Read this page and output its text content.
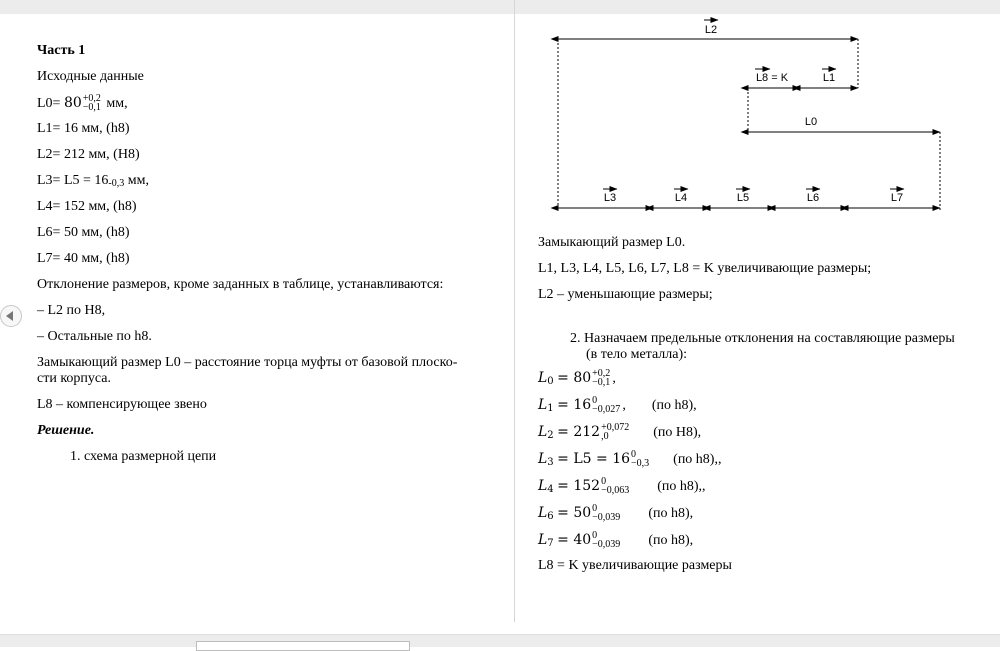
Часть 1

Исходные данные

L0= 80 +0,2
−0,1 мм,

L1= 16 мм, (h8)

L2= 212 мм, (H8)

L3= L5 = 16-0,3 мм,

L4= 152 мм, (h8)

L6= 50 мм, (h8)

L7= 40 мм, (h8)

Отклонение размеров, кроме заданных в таблице, устанавливаются:

– L2 по H8,

– Остальные по h8.

Замыкающий размер L0 – расстояние торца муфты от базовой плоско-
сти корпуса.

L8 – компенсирующее звено

Решение.

1. схема размерной цепи

L2
L8 = K	L1
L0
L3	L4	L5	L6	L7

Замыкающий размер L0.

L1, L3, L4, L5, L6, L7, L8 = K увеличивающие размеры;

L2 – уменьшающие размеры;

2. Назначаем предельные отклонения на составляющие размеры

(в тело металла):

L0 = 80 +0,2
−0,1 ,

L1 = 16 0
−0,027 , (по h8),

L2 = 212 +0,072
,0	(по H8),

L3 = L5 = 16 0
−0,3 (по h8),,

L4 = 152 0
−0,063 (по h8),,

L6 = 50 0
−0,039 (по h8),

L7 = 40 0
−0,039 (по h8),

L8 = K увеличивающие размеры
